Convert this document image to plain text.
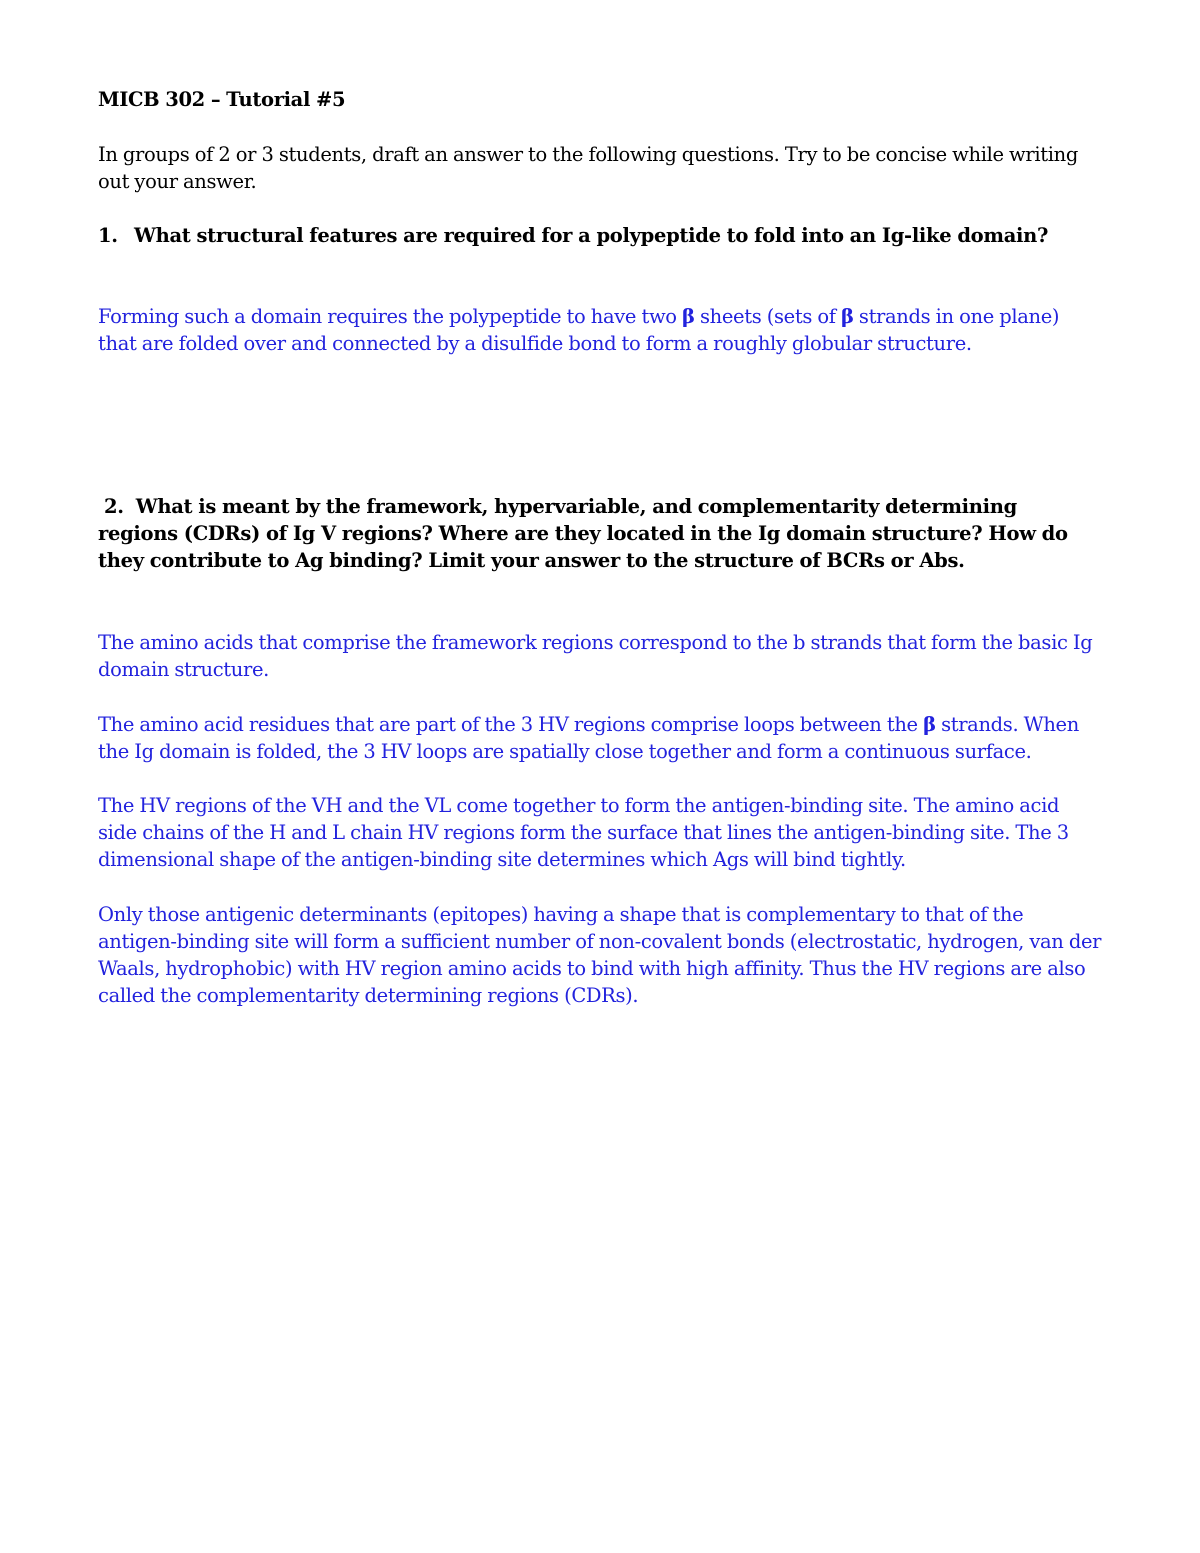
MICB 302 – Tutorial #5
In groups of 2 or 3 students, draft an answer to the following questions. Try to be concise while writing out your answer.
1. What structural features are required for a polypeptide to fold into an Ig-like domain?
Forming such a domain requires the polypeptide to have two β sheets (sets of β strands in one plane) that are folded over and connected by a disulfide bond to form a roughly globular structure.
2. What is meant by the framework, hypervariable, and complementarity determining regions (CDRs) of Ig V regions? Where are they located in the Ig domain structure? How do they contribute to Ag binding? Limit your answer to the structure of BCRs or Abs.
The amino acids that comprise the framework regions correspond to the b strands that form the basic Ig domain structure.
The amino acid residues that are part of the 3 HV regions comprise loops between the β strands. When the Ig domain is folded, the 3 HV loops are spatially close together and form a continuous surface.
The HV regions of the VH and the VL come together to form the antigen-binding site. The amino acid side chains of the H and L chain HV regions form the surface that lines the antigen-binding site. The 3 dimensional shape of the antigen-binding site determines which Ags will bind tightly.
Only those antigenic determinants (epitopes) having a shape that is complementary to that of the antigen-binding site will form a sufficient number of non-covalent bonds (electrostatic, hydrogen, van der Waals, hydrophobic) with HV region amino acids to bind with high affinity. Thus the HV regions are also called the complementarity determining regions (CDRs).
